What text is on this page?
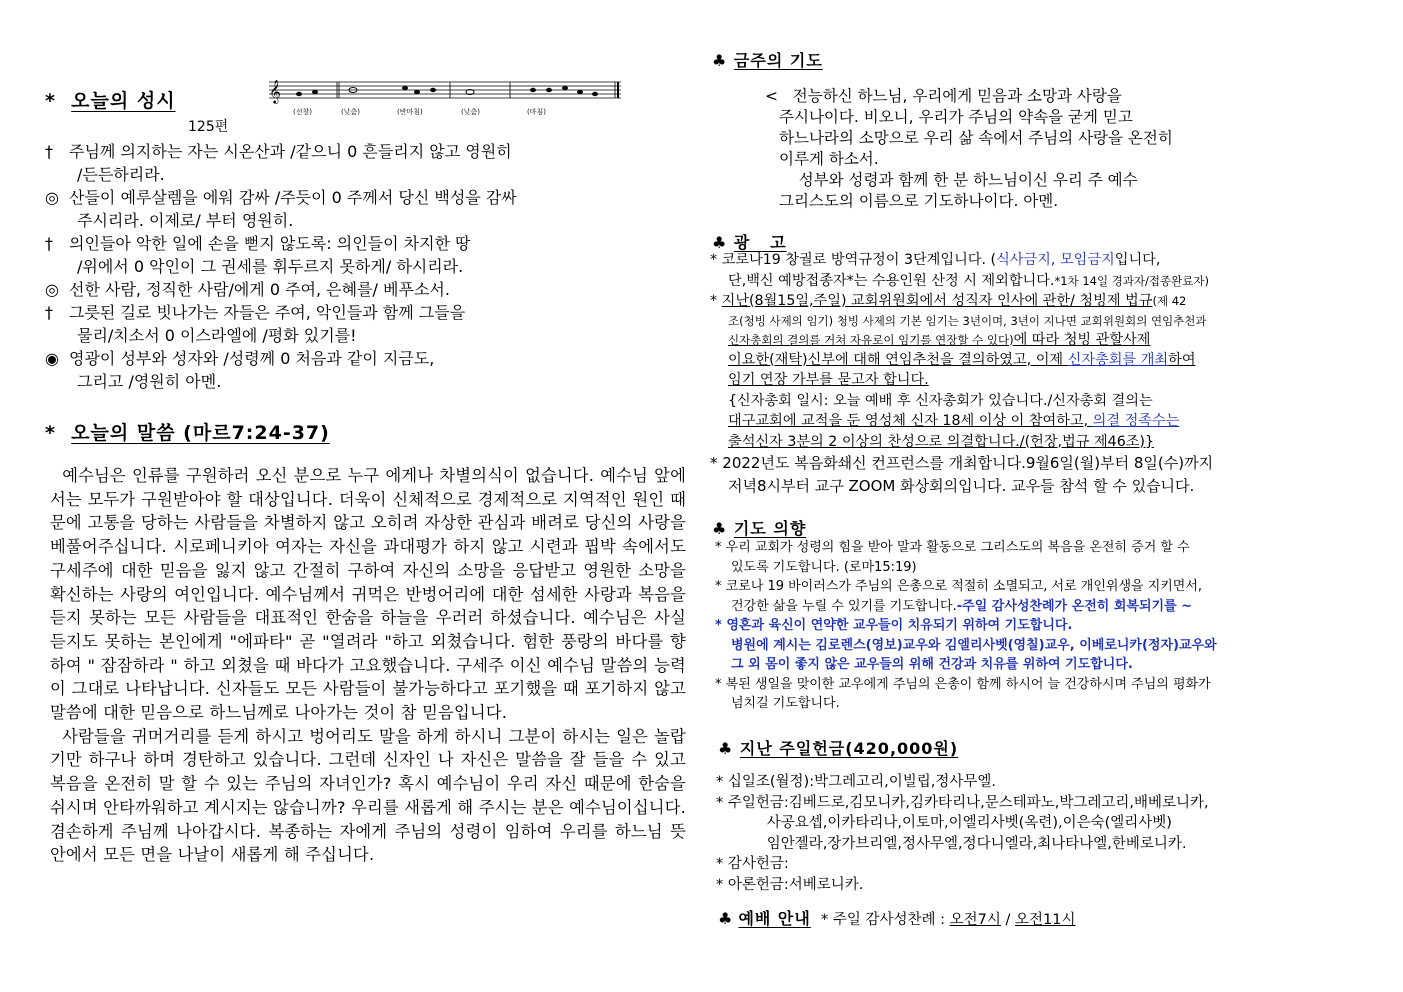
* 오늘의 성시	𝄞
(선창)	(낮춤)	(반마침)	(낮춤)	(마침)
125편
† 주님께 의지하는 자는 시온산과 /같으니 0 흔들리지 않고 영원히
/든든하리라.
◎ 산들이 예루살렘을 에워 감싸 /주듯이 0 주께서 당신 백성을 감싸
주시리라. 이제로/ 부터 영원히.
† 의인들아 악한 일에 손을 뻗지 않도록: 의인들이 차지한 땅
/위에서 0 악인이 그 권세를 휘두르지 못하게/ 하시리라.
◎ 선한 사람, 정직한 사람/에게 0 주여, 은혜를/ 베푸소서.
† 그릇된 길로 빗나가는 자들은 주여, 악인들과 함께 그들을
물리/치소서 0 이스라엘에 /평화 있기를!
◉ 영광이 성부와 성자와 /성령께 0 처음과 같이 지금도,
그리고 /영원히 아멘.
* 오늘의 말씀 (마르7:24-37)
예수님은 인류를 구원하러 오신 분으로 누구 에게나 차별의식이 없습니다. 예수님 앞에서는 모두가 구원받아야 할 대상입니다. 더욱이 신체적으로 경제적으로 지역적인 원인 때문에 고통을 당하는 사람들을 차별하지 않고 오히려 자상한 관심과 배려로 당신의 사랑을 베풀어주십니다. 시로페니키아 여자는 자신을 과대평가 하지 않고 시련과 핍박 속에서도 구세주에 대한 믿음을 잃지 않고 간절히 구하여 자신의 소망을 응답받고 영원한 소망을 확신하는 사랑의 여인입니다. 예수님께서 귀먹은 반벙어리에 대한 섬세한 사랑과 복음을 듣지 못하는 모든 사람들을 대표적인 한숨을 하늘을 우러러 하셨습니다. 예수님은 사실 듣지도 못하는 본인에게 "에파타" 곧 "열려라 "하고 외쳤습니다. 험한 풍랑의 바다를 향하여 " 잠잠하라 " 하고 외쳤을 때 바다가 고요했습니다. 구세주 이신 예수님 말씀의 능력이 그대로 나타납니다. 신자들도 모든 사람들이 불가능하다고 포기했을 때 포기하지 않고 말씀에 대한 믿음으로 하느님께로 나아가는 것이 참 믿음입니다.
사람들을 귀머거리를 듣게 하시고 벙어리도 말을 하게 하시니 그분이 하시는 일은 놀랍기만 하구나 하며 경탄하고 있습니다. 그런데 신자인 나 자신은 말씀을 잘 들을 수 있고 복음을 온전히 말 할 수 있는 주님의 자녀인가? 혹시 예수님이 우리 자신 때문에 한숨을 쉬시며 안타까워하고 계시지는 않습니까? 우리를 새롭게 해 주시는 분은 예수님이십니다. 겸손하게 주님께 나아갑시다. 복종하는 자에게 주님의 성령이 임하여 우리를 하느님 뜻 안에서 모든 면을 나날이 새롭게 해 주십니다.
♣ 금주의 기도
<   전능하신 하느님, 우리에게 믿음과 소망과 사랑을
주시나이다. 비오니, 우리가 주님의 약속을 굳게 믿고
하느나라의 소망으로 우리 삶 속에서 주님의 사랑을 온전히
이루게 하소서.
성부와 성령과 함께 한 분 하느님이신 우리 주 예수
그리스도의 이름으로 기도하나이다. 아멘.
♣ 광   고
* 코로나19 창궐로 방역규정이 3단계입니다. (식사금지, 모임금지입니다,
단,백신 예방접종자*는 수용인원 산정 시 제외합니다.*1차 14일 경과자/접종완료자)
* 지난(8월15일,주일) 교회위원회에서 성직자 인사에 관한/ 청빙제 법규(제 42
조(청빙 사제의 임기) 청빙 사제의 기본 임기는 3년이며, 3년이 지나면 교회위원회의 연임추천과
신자총회의 결의를 거쳐 자유로이 임기를 연장할 수 있다)에 따라 청빙 관할사제
이요한(재탁)신부에 대해 연임추천을 결의하였고, 이제 신자총회를 개최하여
임기 연장 가부를 묻고자 합니다.
{신자총회 일시: 오늘 예배 후 신자총회가 있습니다./신자총회 결의는
대구교회에 교적을 둔 영성체 신자 18세 이상 이 참여하고, 의결 정족수는
출석신자 3분의 2 이상의 찬성으로 의결합니다./(헌장,법규 제46조)}
* 2022년도 복음화쇄신 컨프런스를 개최합니다.9월6일(월)부터 8일(수)까지
저녁8시부터 교구 ZOOM 화상회의입니다. 교우들 참석 할 수 있습니다.
♣ 기도 의향
* 우리 교회가 성령의 힘을 받아 말과 활동으로 그리스도의 복음을 온전히 증거 할 수
있도록 기도합니다. (로마15:19)
* 코로나 19 바이러스가 주님의 은총으로 적절히 소멸되고, 서로 개인위생을 지키면서,
건강한 삶을 누릴 수 있기를 기도합니다.-주일 감사성찬례가 온전히 회복되기를 ~
* 영혼과 육신이 연약한 교우들이 치유되기 위하여 기도합니다.
병원에 계시는 김로렌스(영보)교우와 김엘리사벳(영칠)교우, 이베로니카(정자)교우와
그 외 몸이 좋지 않은 교우들의 위해 건강과 치유를 위하여 기도합니다.
* 복된 생일을 맞이한 교우에게 주님의 은총이 함께 하시어 늘 건강하시며 주님의 평화가
넘치길 기도합니다.
♣ 지난 주일헌금(420,000원)
* 십일조(월정):박그레고리,이빌립,정사무엘.
* 주일헌금:김베드로,김모니카,김카타리나,문스테파노,박그레고리,배베로니카,
사공요셉,이카타리나,이토마,이엘리사벳(옥련),이은숙(엘리사벳)
임안젤라,장가브리엘,정사무엘,정다니엘라,최나타나엘,한베로니카.
* 감사헌금:
* 아론헌금:서베로니카.
♣ 예배 안내 * 주일 감사성찬례 : 오전7시 / 오전11시
